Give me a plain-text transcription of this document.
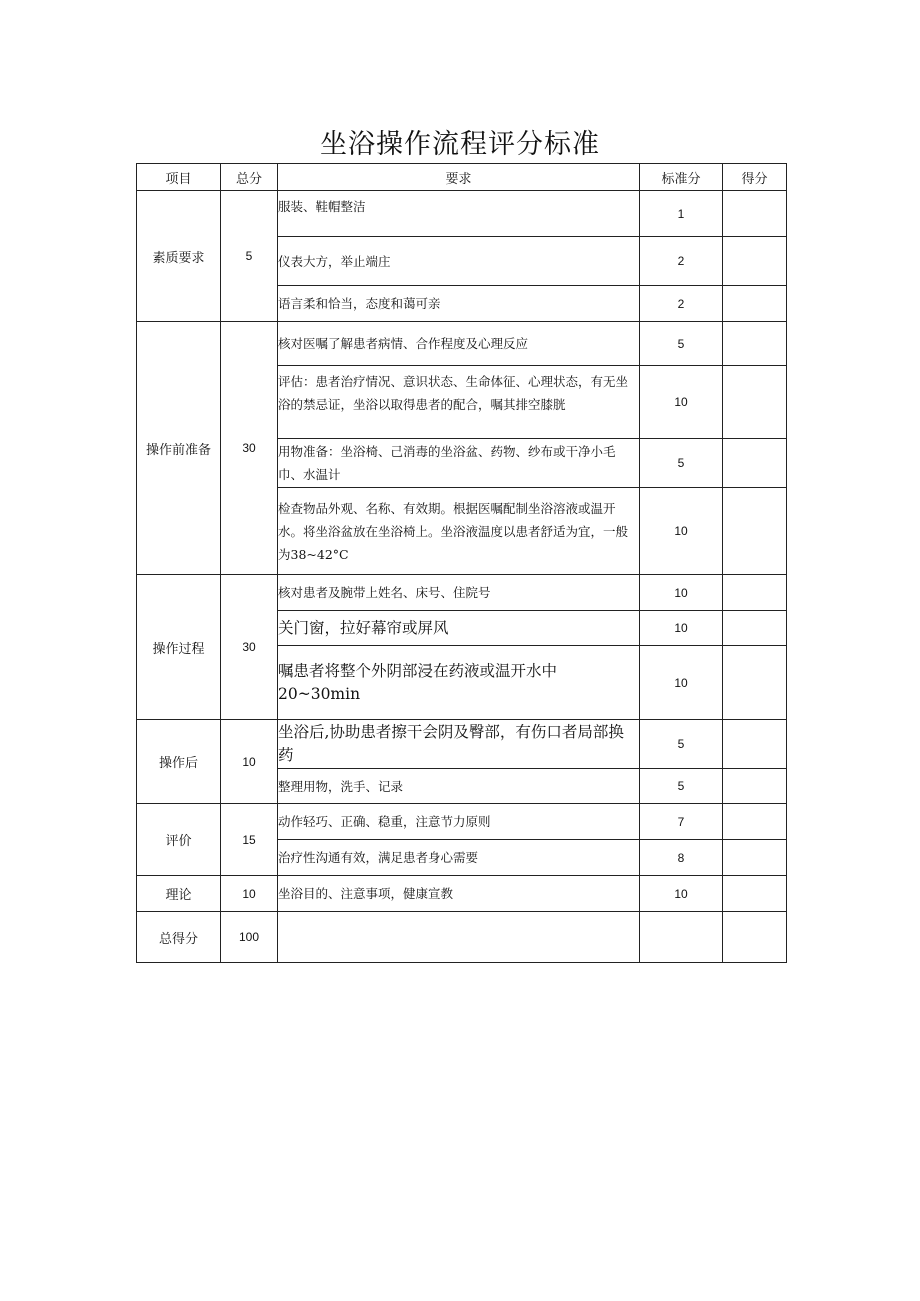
坐浴操作流程评分标准
项目	总分	要求	标准分	得分
素质要求	5	服装、鞋帽整洁	1	
		仪表大方，举止端庄	2	
		语言柔和恰当，态度和蔼可亲	2	
操作前准备	30	核对医嘱了解患者病情、合作程度及心理反应	5	
		评估：患者治疗情况、意识状态、生命体征、心理状态，有无坐浴的禁忌证，坐浴以取得患者的配合，嘱其排空膝胱	10	
		用物准备：坐浴椅、己消毒的坐浴盆、药物、纱布或干净小毛巾、水温计	5	
		检查物品外观、名称、有效期。根据医嘱配制坐浴溶液或温开水。将坐浴盆放在坐浴椅上。坐浴液温度以患者舒适为宜，一般为38~42°C	10	
操作过程	30	核对患者及腕带上姓名、床号、住院号	10	
		关门窗，拉好幕帘或屏风	10	
		嘱患者将整个外阴部浸在药液或温开水中20~30min	10	
操作后	10	坐浴后,协助患者擦干会阴及臀部，有伤口者局部换药	5	
		整理用物，洗手、记录	5	
评价	15	动作轻巧、正确、稳重，注意节力原则	7	
		治疗性沟通有效，满足患者身心需要	8	
理论	10	坐浴目的、注意事项，健康宣教	10	
总得分	100			
